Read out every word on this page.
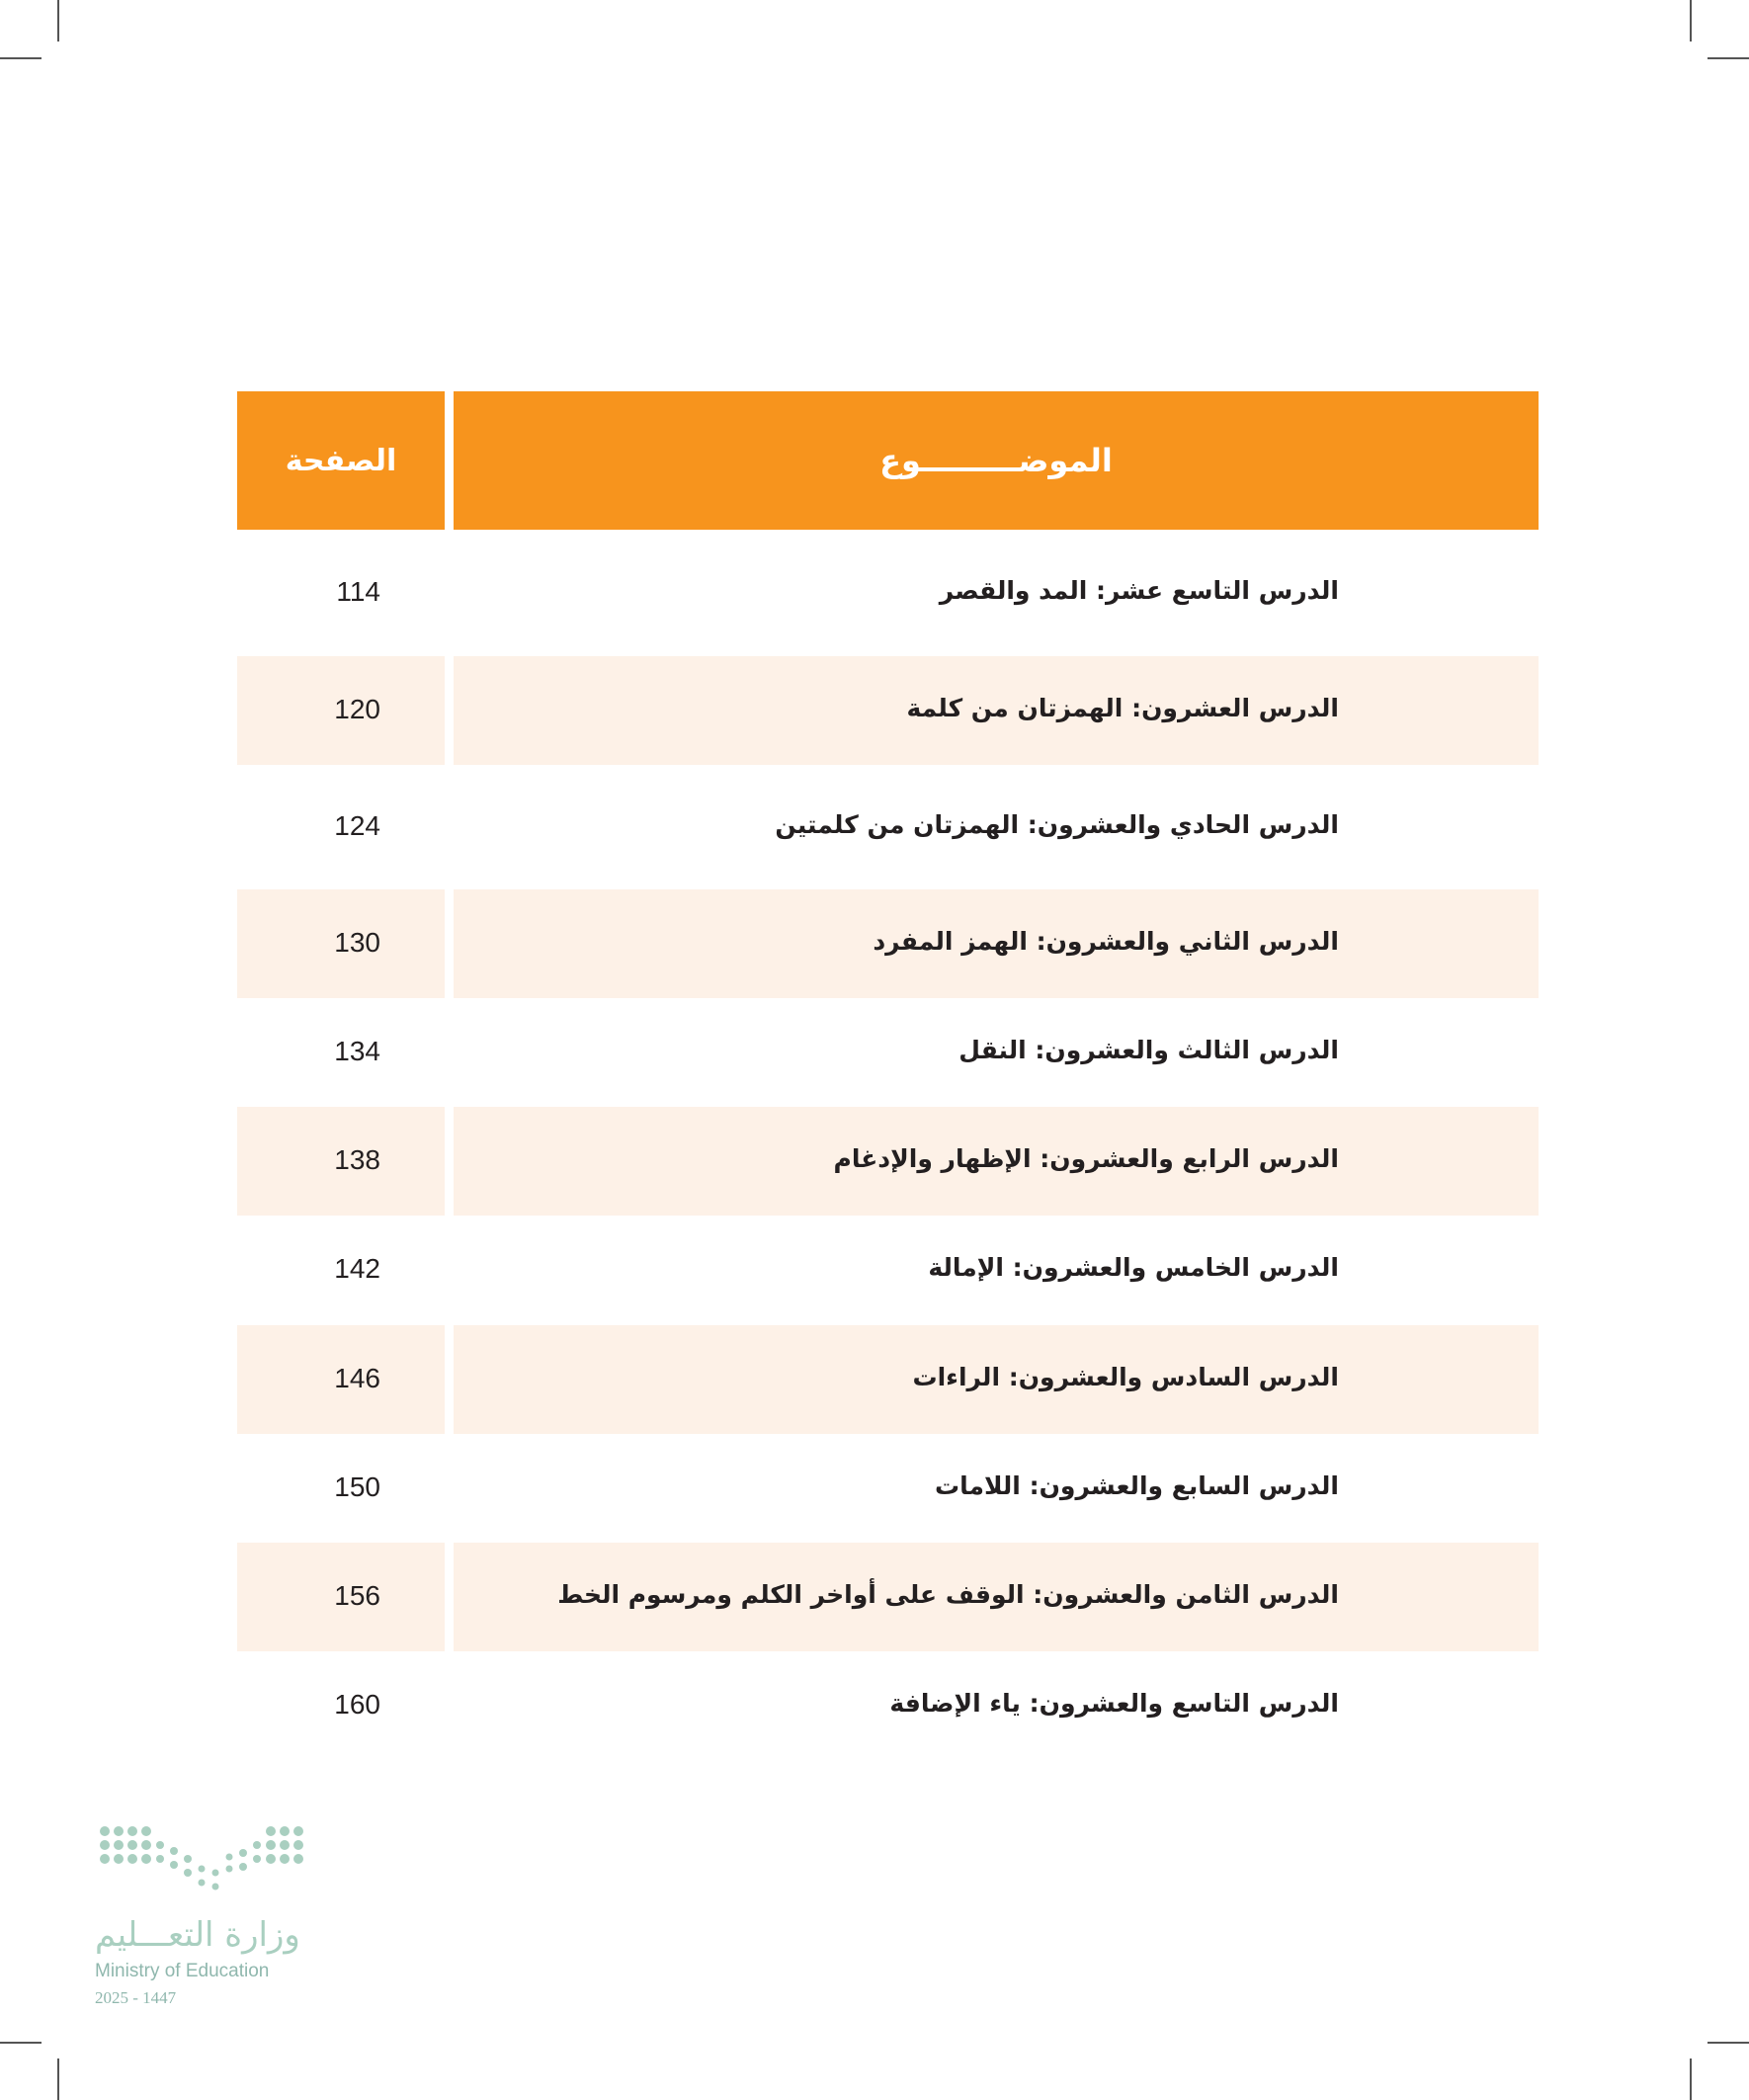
الصفحة	الموضـــــــــوع
الدرس التاسع عشر: المد والقصر
114
الدرس العشرون: الهمزتان من كلمة
120
الدرس الحادي والعشرون: الهمزتان من كلمتين
124
الدرس الثاني والعشرون: الهمز المفرد
130
الدرس الثالث والعشرون: النقل
134
الدرس الرابع والعشرون: الإظهار والإدغام
138
الدرس الخامس والعشرون: الإمالة
142
الدرس السادس والعشرون: الراءات
146
الدرس السابع والعشرون: اللامات
150
الدرس الثامن والعشرون: الوقف على أواخر الكلم ومرسوم الخط
156
الدرس التاسع والعشرون: ياء الإضافة
160
وزارة التعـــليم
Ministry of Education
2025 - 1447
